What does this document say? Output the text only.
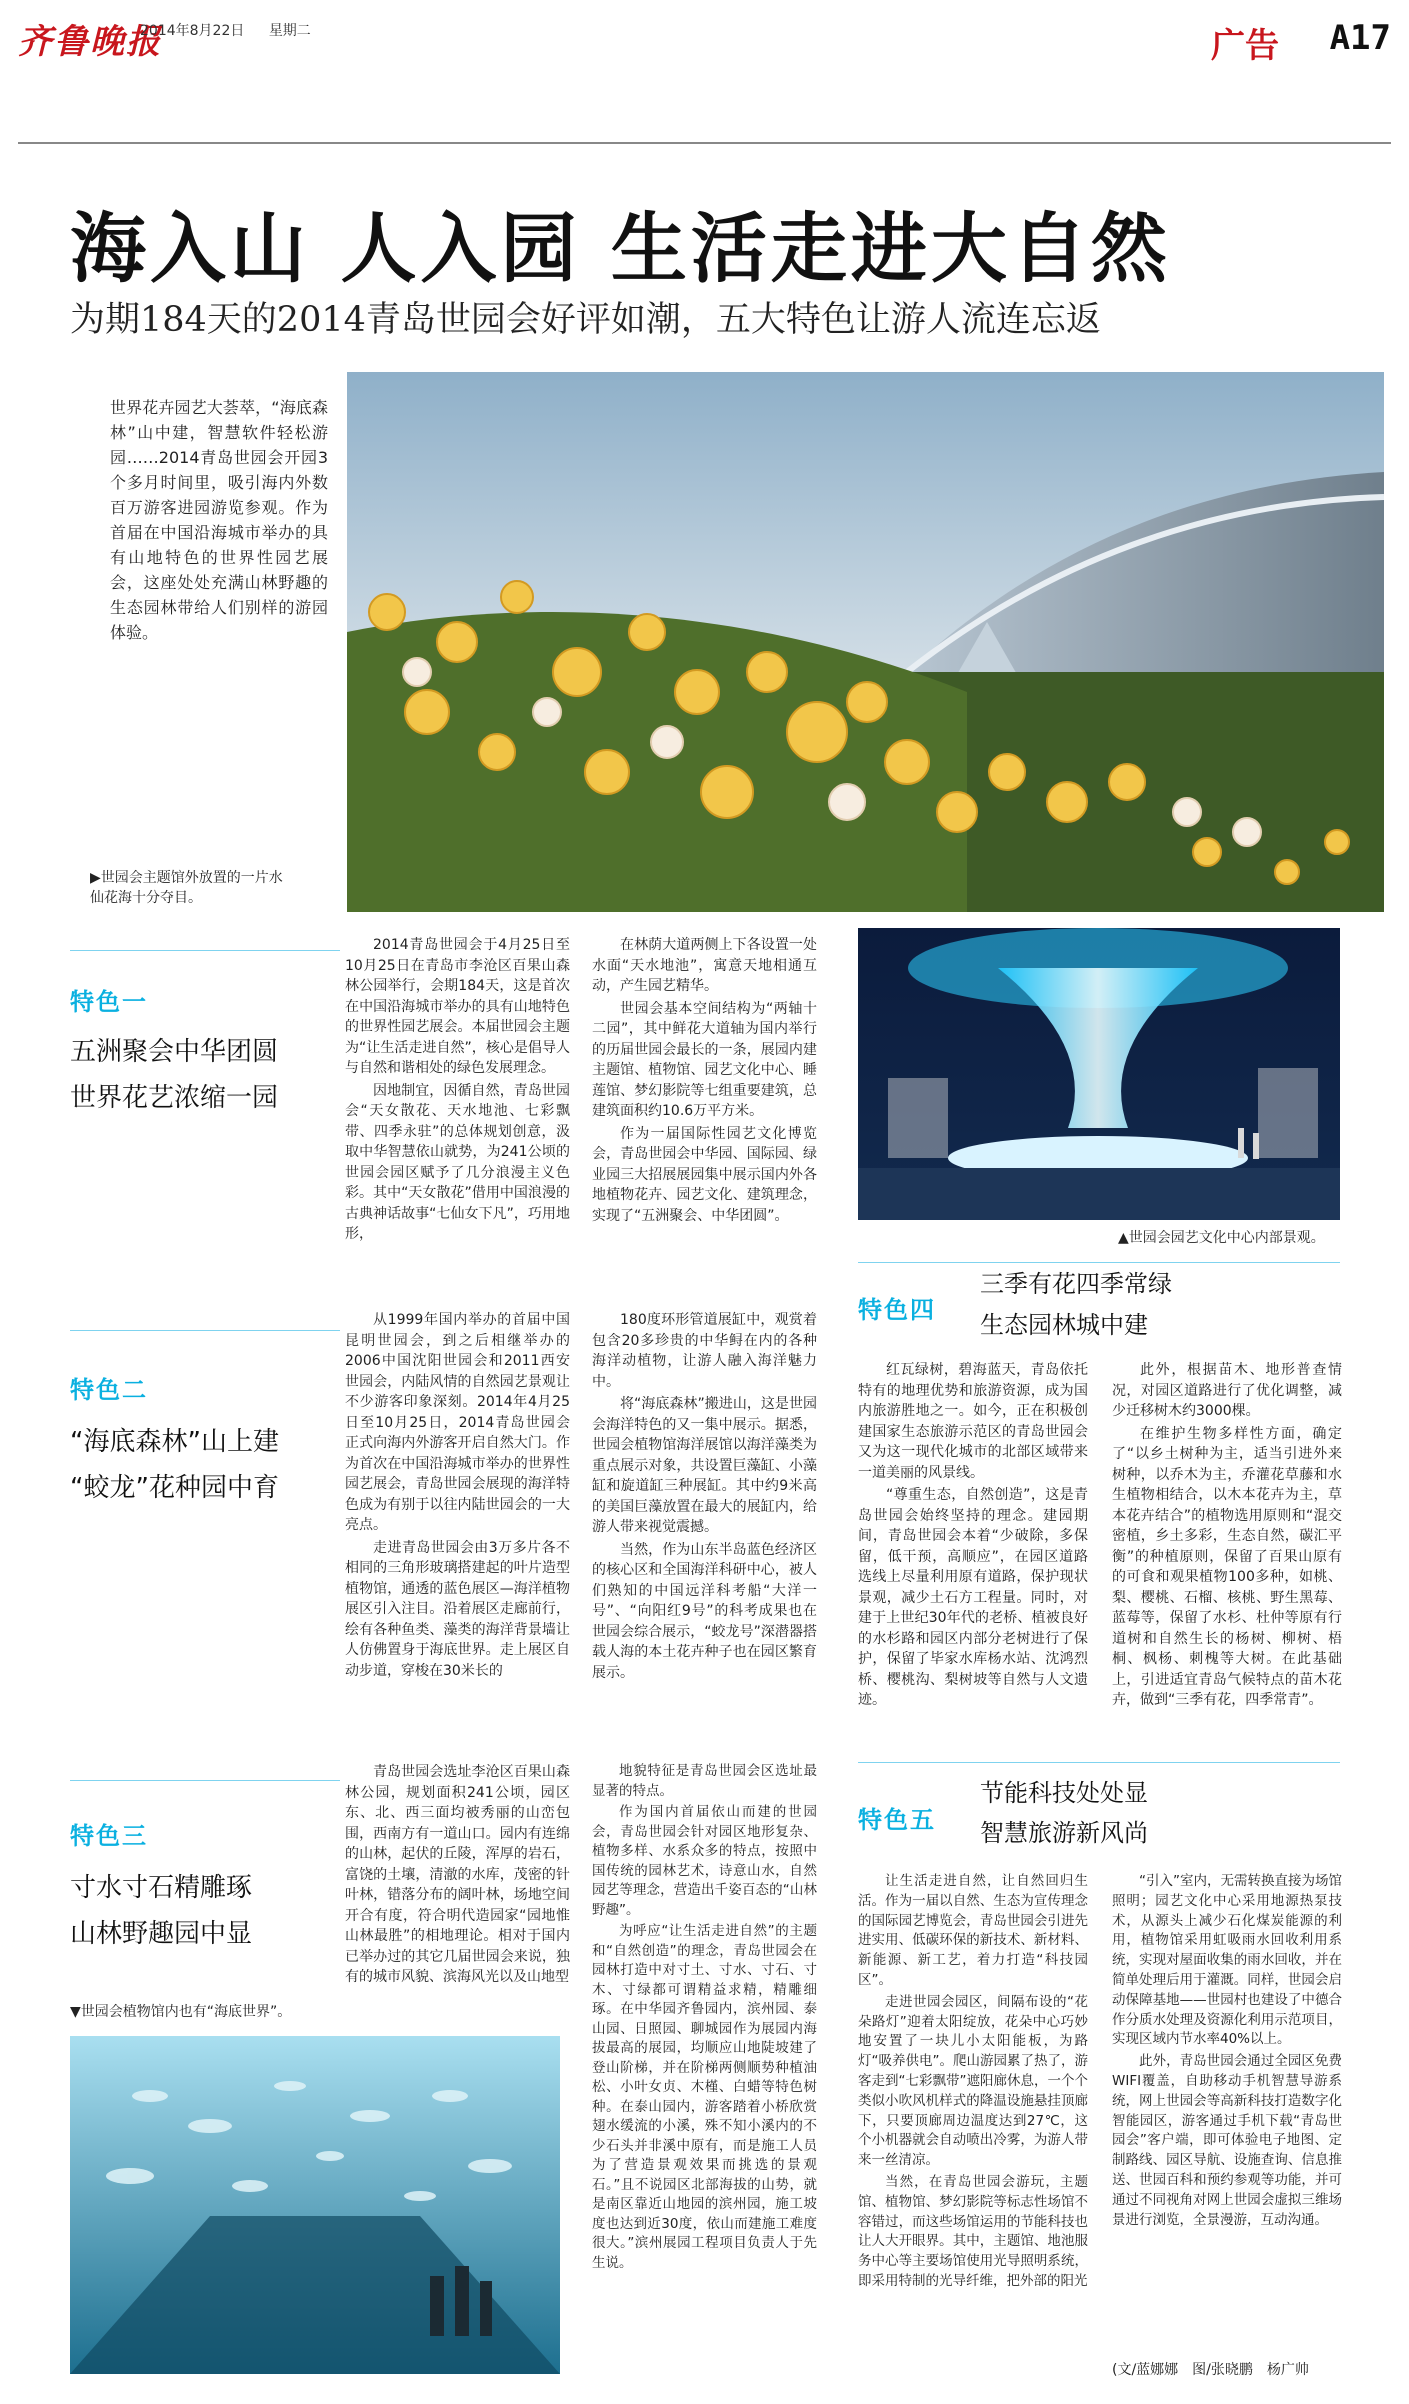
齐鲁晚报
2014年8月22日 星期二	广告 A17
海入山 人入园 生活走进大自然
为期184天的2014青岛世园会好评如潮，五大特色让游人流连忘返
世界花卉园艺大荟萃，“海底森林”山中建，智慧软件轻松游园……2014青岛世园会开园3个多月时间里，吸引海内外数百万游客进园游览参观。作为首届在中国沿海城市举办的具有山地特色的世界性园艺展会，这座处处充满山林野趣的生态园林带给人们别样的游园体验。
▶世园会主题馆外放置的一片水仙花海十分夺目。
特色一
五洲聚会中华团圆
世界花艺浓缩一园

2014青岛世园会于4月25日至10月25日在青岛市李沧区百果山森林公园举行，会期184天，这是首次在中国沿海城市举办的具有山地特色的世界性园艺展会。本届世园会主题为“让生活走进自然”，核心是倡导人与自然和谐相处的绿色发展理念。

因地制宜，因循自然，青岛世园会“天女散花、天水地池、七彩飘带、四季永驻”的总体规划创意，汲取中华智慧依山就势，为241公顷的世园会园区赋予了几分浪漫主义色彩。其中“天女散花”借用中国浪漫的古典神话故事“七仙女下凡”，巧用地形，

在林荫大道两侧上下各设置一处水面“天水地池”，寓意天地相通互动，产生园艺精华。

世园会基本空间结构为“两轴十二园”，其中鲜花大道轴为国内举行的历届世园会最长的一条，展园内建主题馆、植物馆、园艺文化中心、睡莲馆、梦幻影院等七组重要建筑，总建筑面积约10.6万平方米。

作为一届国际性园艺文化博览会，青岛世园会中华园、国际园、绿业园三大招展展园集中展示国内外各地植物花卉、园艺文化、建筑理念，实现了“五洲聚会、中华团圆”。

▲世园会园艺文化中心内部景观。
特色二
“海底森林”山上建
“蛟龙”花种园中育

从1999年国内举办的首届中国昆明世园会，到之后相继举办的2006中国沈阳世园会和2011西安世园会，内陆风情的自然园艺景观让不少游客印象深刻。2014年4月25日至10月25日，2014青岛世园会正式向海内外游客开启自然大门。作为首次在中国沿海城市举办的世界性园艺展会，青岛世园会展现的海洋特色成为有别于以往内陆世园会的一大亮点。

走进青岛世园会由3万多片各不相同的三角形玻璃搭建起的叶片造型植物馆，通透的蓝色展区—海洋植物展区引入注目。沿着展区走廊前行，绘有各种鱼类、藻类的海洋背景墙让人仿佛置身于海底世界。走上展区自动步道，穿梭在30米长的

180度环形管道展缸中，观赏着包含20多珍贵的中华鲟在内的各种海洋动植物，让游人融入海洋魅力中。

将“海底森林”搬进山，这是世园会海洋特色的又一集中展示。据悉，世园会植物馆海洋展馆以海洋藻类为重点展示对象，共设置巨藻缸、小藻缸和旋道缸三种展缸。其中约9米高的美国巨藻放置在最大的展缸内，给游人带来视觉震撼。

当然，作为山东半岛蓝色经济区的核心区和全国海洋科研中心，被人们熟知的中国远洋科考船“大洋一号”、“向阳红9号”的科考成果也在世园会综合展示，“蛟龙号”深潜器搭载人海的本土花卉种子也在园区繁育展示。

特色四
三季有花四季常绿
生态园林城中建

红瓦绿树，碧海蓝天，青岛依托特有的地理优势和旅游资源，成为国内旅游胜地之一。如今，正在积极创建国家生态旅游示范区的青岛世园会又为这一现代化城市的北部区域带来一道美丽的风景线。

“尊重生态，自然创造”，这是青岛世园会始终坚持的理念。建园期间，青岛世园会本着“少破除，多保留，低干预，高顺应”，在园区道路选线上尽量利用原有道路，保护现状景观，减少土石方工程量。同时，对建于上世纪30年代的老桥、植被良好的水杉路和园区内部分老树进行了保护，保留了毕家水库杨水站、沈鸿烈桥、樱桃沟、梨树坡等自然与人文遗迹。

此外，根据苗木、地形普查情况，对园区道路进行了优化调整，减少迁移树木约3000棵。

在维护生物多样性方面，确定了“以乡土树种为主，适当引进外来树种，以乔木为主，乔灌花草藤和水生植物相结合，以木本花卉为主，草本花卉结合”的植物选用原则和“混交密植，乡土多彩，生态自然，碳汇平衡”的种植原则，保留了百果山原有的可食和观果植物100多种，如桃、梨、樱桃、石榴、核桃、野生黑莓、蓝莓等，保留了水杉、杜仲等原有行道树和自然生长的杨树、柳树、梧桐、枫杨、刺槐等大树。在此基础上，引进适宜青岛气候特点的苗木花卉，做到“三季有花，四季常青”。

特色三
寸水寸石精雕琢
山林野趣园中显
▼世园会植物馆内也有“海底世界”。

青岛世园会选址李沧区百果山森林公园，规划面积241公顷，园区东、北、西三面均被秀丽的山峦包围，西南方有一道山口。园内有连绵的山林，起伏的丘陵，浑厚的岩石，富饶的土壤，清澈的水库，茂密的针叶林，错落分布的阔叶林，场地空间开合有度，符合明代造园家“园地惟山林最胜”的相地理论。相对于国内已举办过的其它几届世园会来说，独有的城市风貌、滨海风光以及山地型

地貌特征是青岛世园会区选址最显著的特点。

作为国内首届依山而建的世园会，青岛世园会针对园区地形复杂、植物多样、水系众多的特点，按照中国传统的园林艺术，诗意山水，自然园艺等理念，营造出千姿百态的“山林野趣”。

为呼应“让生活走进自然”的主题和“自然创造”的理念，青岛世园会在园林打造中对寸土、寸水、寸石、寸木、寸绿都可谓精益求精，精雕细琢。在中华园齐鲁园内，滨州园、泰山园、日照园、聊城园作为展园内海拔最高的展园，均顺应山地陡坡建了登山阶梯，并在阶梯两侧顺势种植油松、小叶女贞、木槿、白蜡等特色树种。在泰山园内，游客踏着小桥欣赏翅水缓流的小溪，殊不知小溪内的不少石头并非溪中原有，而是施工人员为了营造景观效果而挑选的景观石。”且不说园区北部海拔的山势，就是南区靠近山地园的滨州园，施工坡度也达到近30度，依山而建施工难度很大。”滨州展园工程项目负责人于先生说。

特色五
节能科技处处显
智慧旅游新风尚

让生活走进自然，让自然回归生活。作为一届以自然、生态为宣传理念的国际园艺博览会，青岛世园会引进先进实用、低碳环保的新技术、新材料、新能源、新工艺，着力打造“科技园区”。

走进世园会园区，间隔布设的“花朵路灯”迎着太阳绽放，花朵中心巧妙地安置了一块儿小太阳能板，为路灯“吸养供电”。爬山游园累了热了，游客走到“七彩飘带”遮阳廊休息，一个个类似小吹风机样式的降温设施悬挂顶廊下，只要顶廊周边温度达到27℃，这个小机器就会自动喷出冷雾，为游人带来一丝清凉。

当然，在青岛世园会游玩，主题馆、植物馆、梦幻影院等标志性场馆不容错过，而这些场馆运用的节能科技也让人大开眼界。其中，主题馆、地池服务中心等主要场馆使用光导照明系统，即采用特制的光导纤维，把外部的阳光

“引入”室内，无需转换直接为场馆照明；园艺文化中心采用地源热泵技术，从源头上减少石化煤炭能源的利用，植物馆采用虹吸雨水回收利用系统，实现对屋面收集的雨水回收，并在简单处理后用于灌溉。同样，世园会启动保障基地——世园村也建设了中德合作分质水处理及资源化利用示范项目，实现区域内节水率40%以上。

此外，青岛世园会通过全园区免费WIFI覆盖，自助移动手机智慧导游系统，网上世园会等高新科技打造数字化智能园区，游客通过手机下载“青岛世园会”客户端，即可体验电子地图、定制路线、园区导航、设施查询、信息推送、世园百科和预约参观等功能，并可通过不同视角对网上世园会虚拟三维场景进行浏览，全景漫游，互动沟通。

(文/蓝娜娜　图/张晓鹏　杨广帅
